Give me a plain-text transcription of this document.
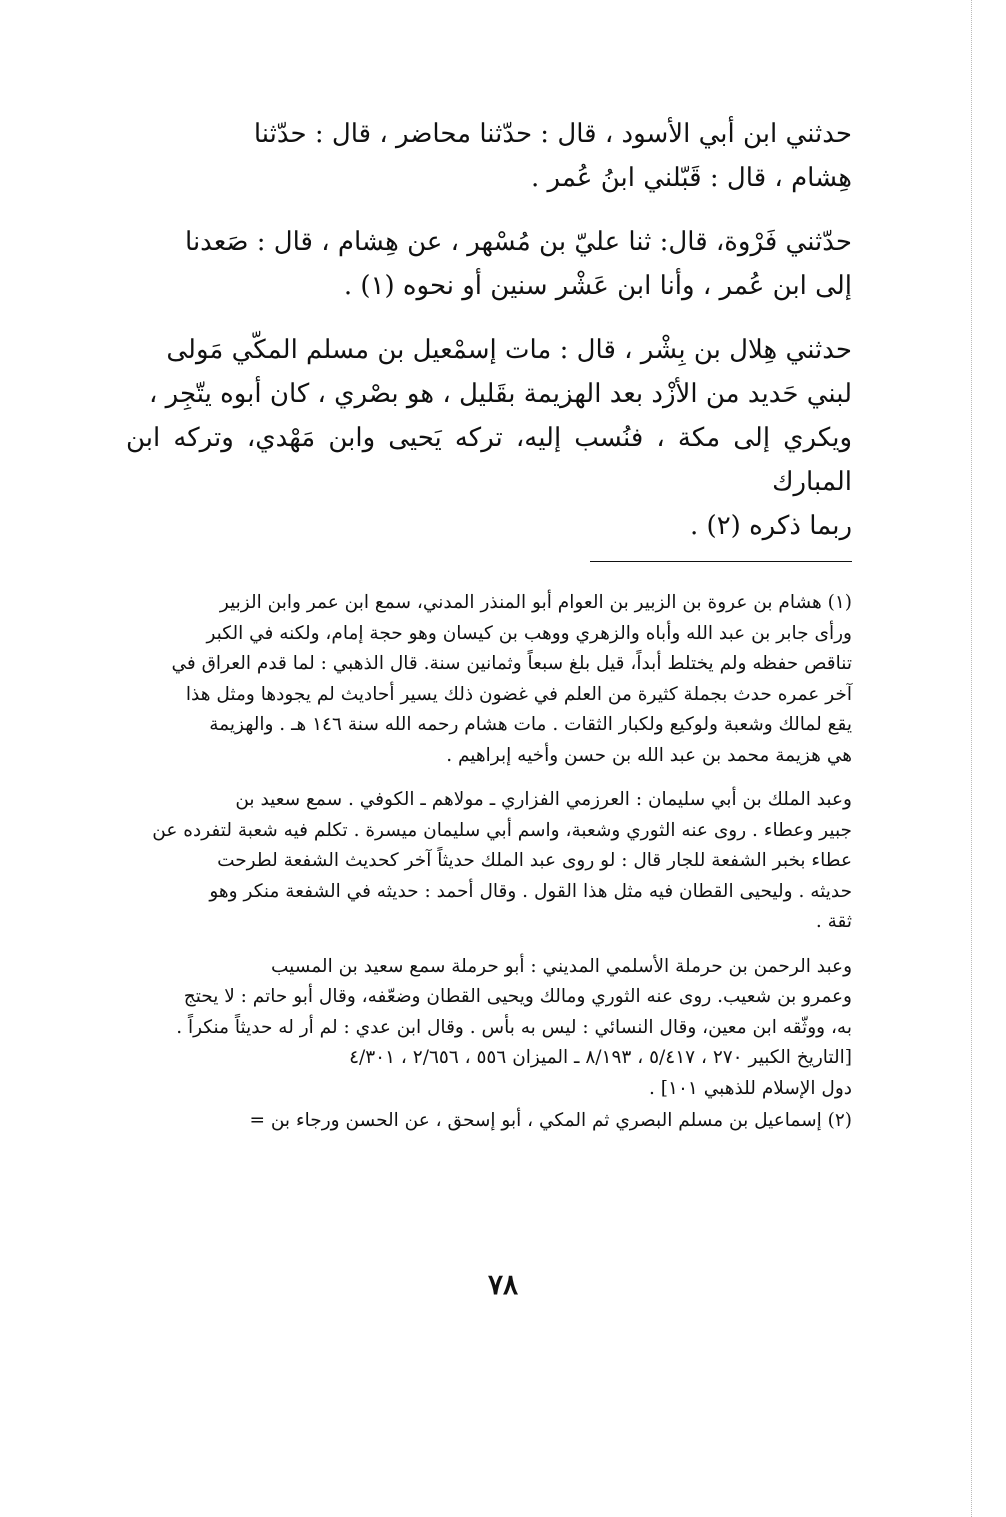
حدثني ابن أبي الأسود ، قال : حدّثنا محاضر ، قال : حدّثنا

هِشام ، قال : قَبّلني ابنُ عُمر .

حدّثني فَرْوة، قال: ثنا عليّ بن مُسْهر ، عن هِشام ، قال : صَعدنا

إلى ابن عُمر ، وأنا ابن عَشْر سنين أو نحوه (١) .

حدثني هِلال بن بِشْر ، قال : مات إسمْعيل بن مسلم المكّي مَولى

لبني حَديد من الأزْد بعد الهزيمة بقَليل ، هو بصْري ، كان أبوه يتّجِر ،

ويكري إلى مكة ، فنُسب إليه، تركه يَحيى وابن مَهْدي، وتركه ابن المبارك

ربما ذكره (٢) .

(١) هشام بن عروة بن الزبير بن العوام أبو المنذر المدني، سمع ابن عمر وابن الزبير
ورأى جابر بن عبد الله وأباه والزهري ووهب بن كيسان وهو حجة إمام، ولكنه في الكبر
تناقص حفظه ولم يختلط أبداً، قيل بلغ سبعاً وثمانين سنة. قال الذهبي : لما قدم العراق في
آخر عمره حدث بجملة كثيرة من العلم في غضون ذلك يسير أحاديث لم يجودها ومثل هذا
يقع لمالك وشعبة ولوكيع ولكبار الثقات . مات هشام رحمه الله سنة ١٤٦ هـ . والهزيمة
هي هزيمة محمد بن عبد الله بن حسن وأخيه إبراهيم .
وعبد الملك بن أبي سليمان : العرزمي الفزاري ـ مولاهم ـ الكوفي . سمع سعيد بن
جبير وعطاء . روى عنه الثوري وشعبة، واسم أبي سليمان ميسرة . تكلم فيه شعبة لتفرده عن
عطاء بخبر الشفعة للجار قال : لو روى عبد الملك حديثاً آخر كحديث الشفعة لطرحت
حديثه . وليحيى القطان فيه مثل هذا القول . وقال أحمد : حديثه في الشفعة منكر وهو
ثقة .
وعبد الرحمن بن حرملة الأسلمي المديني : أبو حرملة سمع سعيد بن المسيب
وعمرو بن شعيب. روى عنه الثوري ومالك ويحيى القطان وضعّفه، وقال أبو حاتم : لا يحتج
به، ووثّقه ابن معين، وقال النسائي : ليس به بأس . وقال ابن عدي : لم أر له حديثاً منكراً .
[التاريخ الكبير ٢٧٠ ، ٥/٤١٧ ، ٨/١٩٣ ـ الميزان ٥٥٦ ، ٢/٦٥٦ ، ٤/٣٠١
دول الإسلام للذهبي ١٠١] .
(٢) إسماعيل بن مسلم البصري ثم المكي ، أبو إسحق ، عن الحسن ورجاء بن =
٧٨
